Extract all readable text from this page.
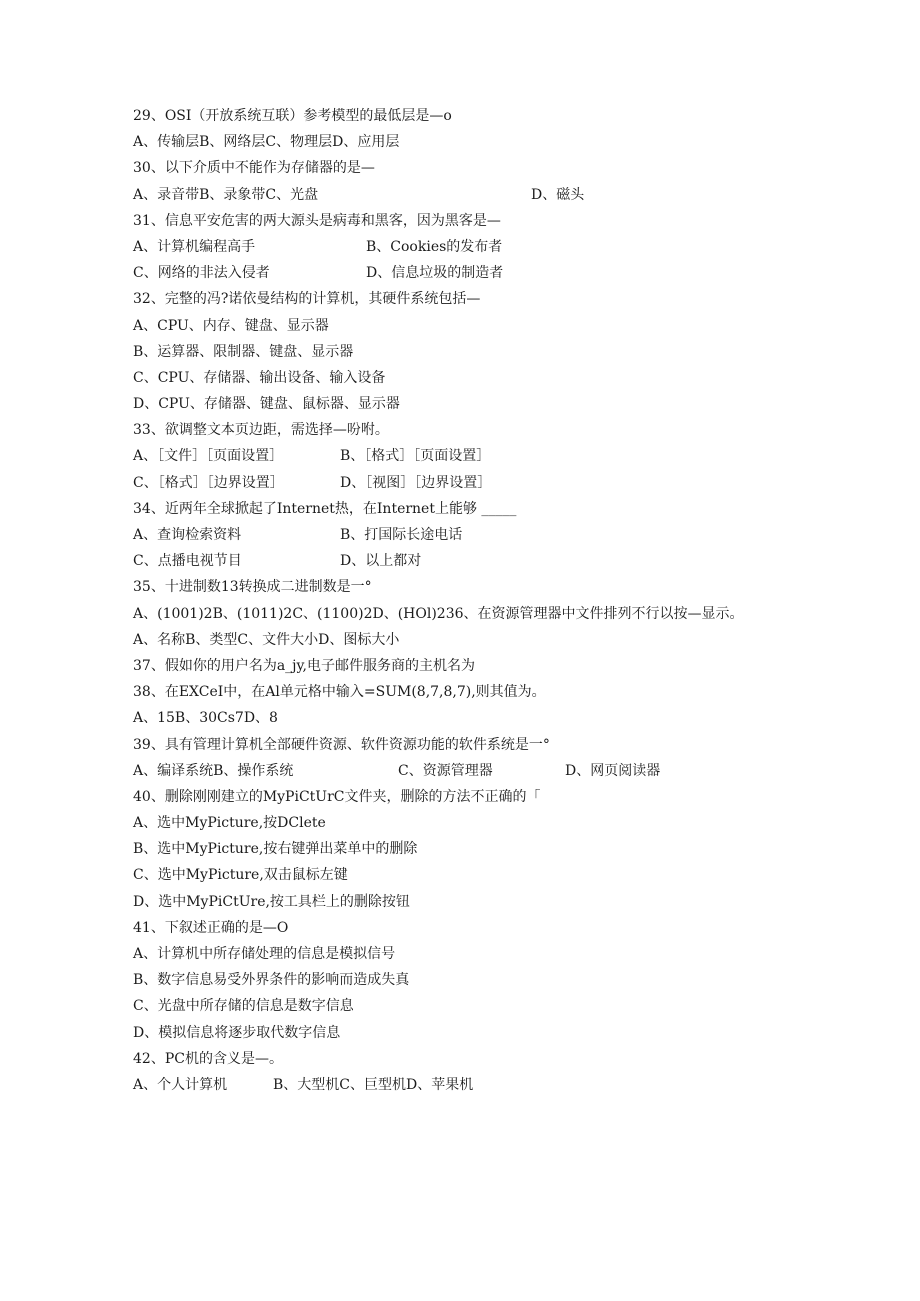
29、OSI（开放系统互联）参考模型的最低层是—o
A、传输层B、网络层C、物理层D、应用层
30、以下介质中不能作为存储器的是—

A、录音带B、录象带C、光盘

	D、磁头

31、信息平安危害的两大源头是病毒和黑客，因为黑客是—

A、计算机编程高手

	B、Cookies的发布者

C、网络的非法入侵者

	D、信息垃圾的制造者

32、完整的冯?诺依曼结构的计算机，其硬件系统包括—
A、CPU、内存、键盘、显示器
B、运算器、限制器、键盘、显示器
C、CPU、存储器、输出设备、输入设备
D、CPU、存储器、键盘、鼠标器、显示器
33、欲调整文本页边距，需选择—吩咐。

A、［文件］［页面设置］

	B、［格式］［页面设置］

C、［格式］［边界设置］

	D、［视图］［边界设置］

34、近两年全球掀起了Internet热，在Internet上能够 _____

A、查询检索资料

	B、打国际长途电话

C、点播电视节目

	D、以上都对

35、十进制数13转换成二进制数是一°
A、(1001)2B、(1011)2C、(1100)2D、(HOl)236、在资源管理器中文件排列不行以按—显示。
A、名称B、类型C、文件大小D、图标大小
37、假如你的用户名为a_jy,电子邮件服务商的主机名为
38、在EXCeI中，在Al单元格中输入=SUM(8,7,8,7),则其值为。
A、15B、30Cs7D、8
39、具有管理计算机全部硬件资源、软件资源功能的软件系统是一°

A、编译系统B、操作系统

	C、资源管理器

	D、网页阅读器

40、删除刚刚建立的MyPiCtUrC文件夹，删除的方法不正确的「
A、选中MyPicture,按DClete
B、选中MyPicture,按右键弹出菜单中的删除
C、选中MyPicture,双击鼠标左键
D、选中MyPiCtUre,按工具栏上的删除按钮
41、下叙述正确的是—O
A、计算机中所存储处理的信息是模拟信号
B、数字信息易受外界条件的影响而造成失真
C、光盘中所存储的信息是数字信息
D、模拟信息将逐步取代数字信息
42、PC机的含义是—。

A、个人计算机

	B、大型机C、巨型机D、苹果机
